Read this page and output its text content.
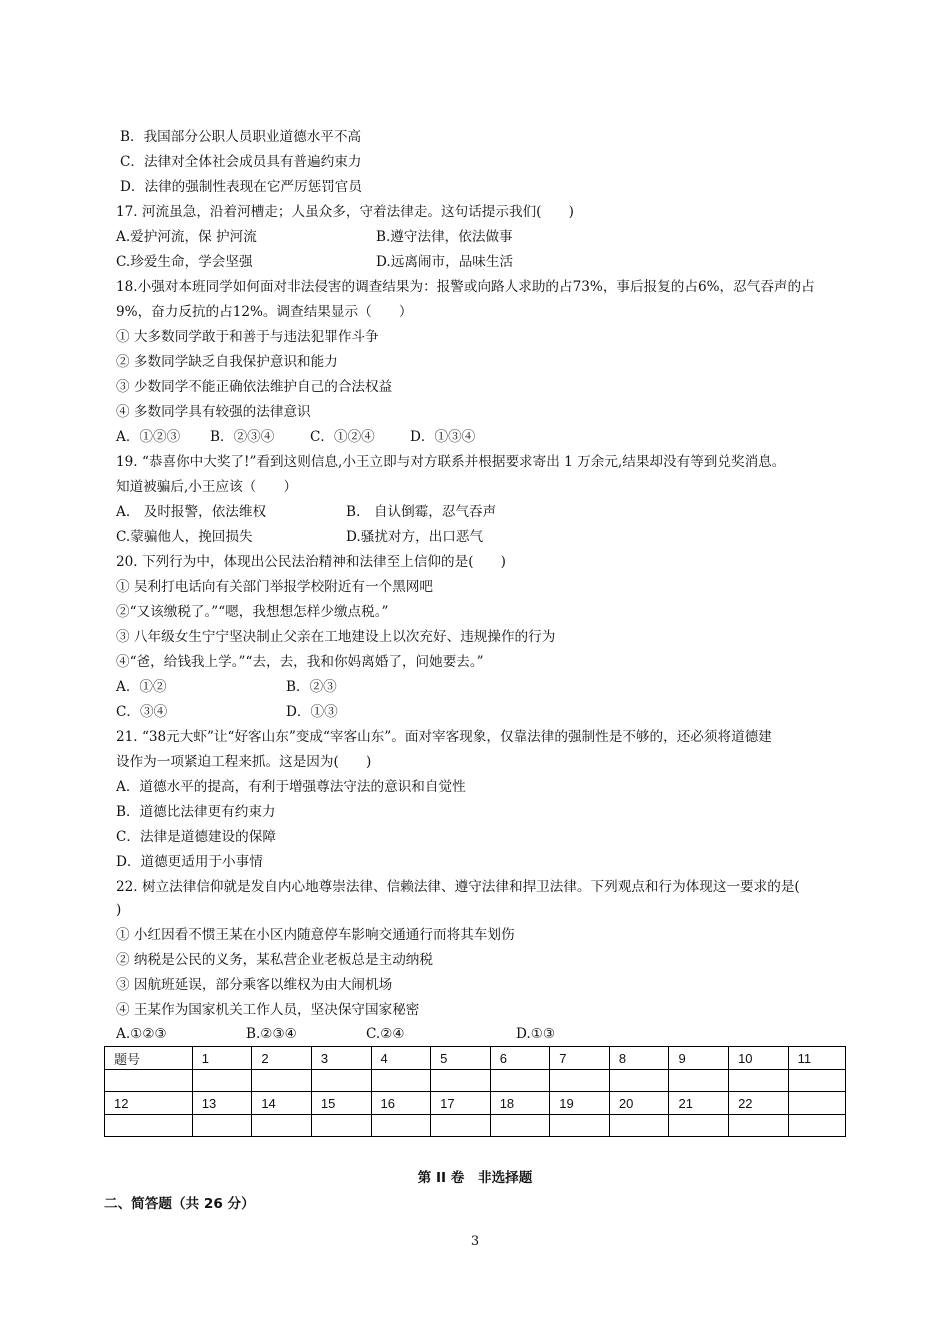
B．我国部分公职人员职业道德水平不高
C．法律对全体社会成员具有普遍约束力
D．法律的强制性表现在它严厉惩罚官员
17. 河流虽急，沿着河槽走；人虽众多，守着法律走。这句话提示我们(　　)
A.爱护河流，保 护河流	B.遵守法律，依法做事
C.珍爱生命，学会坚强	D.远离闹市，品味生活
18.小强对本班同学如何面对非法侵害的调查结果为：报警或向路人求助的占73%，事后报复的占6%，忍气吞声的占
9%，奋力反抗的占12%。调查结果显示（　　）
① 大多数同学敢于和善于与违法犯罪作斗争
② 多数同学缺乏自我保护意识和能力
③ 少数同学不能正确依法维护自己的合法权益
④ 多数同学具有较强的法律意识
A．①②③ B．②③④	C．①②④	D．①③④
19. “恭喜你中大奖了!”看到这则信息,小王立即与对方联系并根据要求寄出 1 万余元,结果却没有等到兑奖消息。
知道被骗后,小王应该（　　）
A.　及时报警，依法维权	B.　自认倒霉，忍气吞声
C.蒙骗他人，挽回损失	D.骚扰对方，出口恶气
20. 下列行为中，体现出公民法治精神和法律至上信仰的是(　　)
① 吴利打电话向有关部门举报学校附近有一个黑网吧
②“又该缴税了。”“嗯，我想想怎样少缴点税。”
③ 八年级女生宁宁坚决制止父亲在工地建设上以次充好、违规操作的行为
④“爸，给钱我上学。”“去，去，我和你妈离婚了，问她要去。”
A．①②	B．②③
C．③④	D．①③
21. “38元大虾”让“好客山东”变成“宰客山东”。面对宰客现象，仅靠法律的强制性是不够的，还必须将道德建
设作为一项紧迫工程来抓。这是因为(　　)
A．道德水平的提高，有利于增强尊法守法的意识和自觉性
B．道德比法律更有约束力
C．法律是道德建设的保障
D．道德更适用于小事情
22. 树立法律信仰就是发自内心地尊崇法律、信赖法律、遵守法律和捍卫法律。下列观点和行为体现这一要求的是(
)
① 小红因看不惯王某在小区内随意停车影响交通通行而将其车划伤
② 纳税是公民的义务，某私营企业老板总是主动纳税
③ 因航班延误，部分乘客以维权为由大闹机场
④ 王某作为国家机关工作人员，坚决保守国家秘密
A.①②③	B.②③④	C.②④	D.①③
题号	1	2	3	4	5	6	7	8	9	10	11

12	13	14	15	16	17	18	19	20	21	22	

第 II 卷　非选择题
二、简答题（共 26 分）
3
